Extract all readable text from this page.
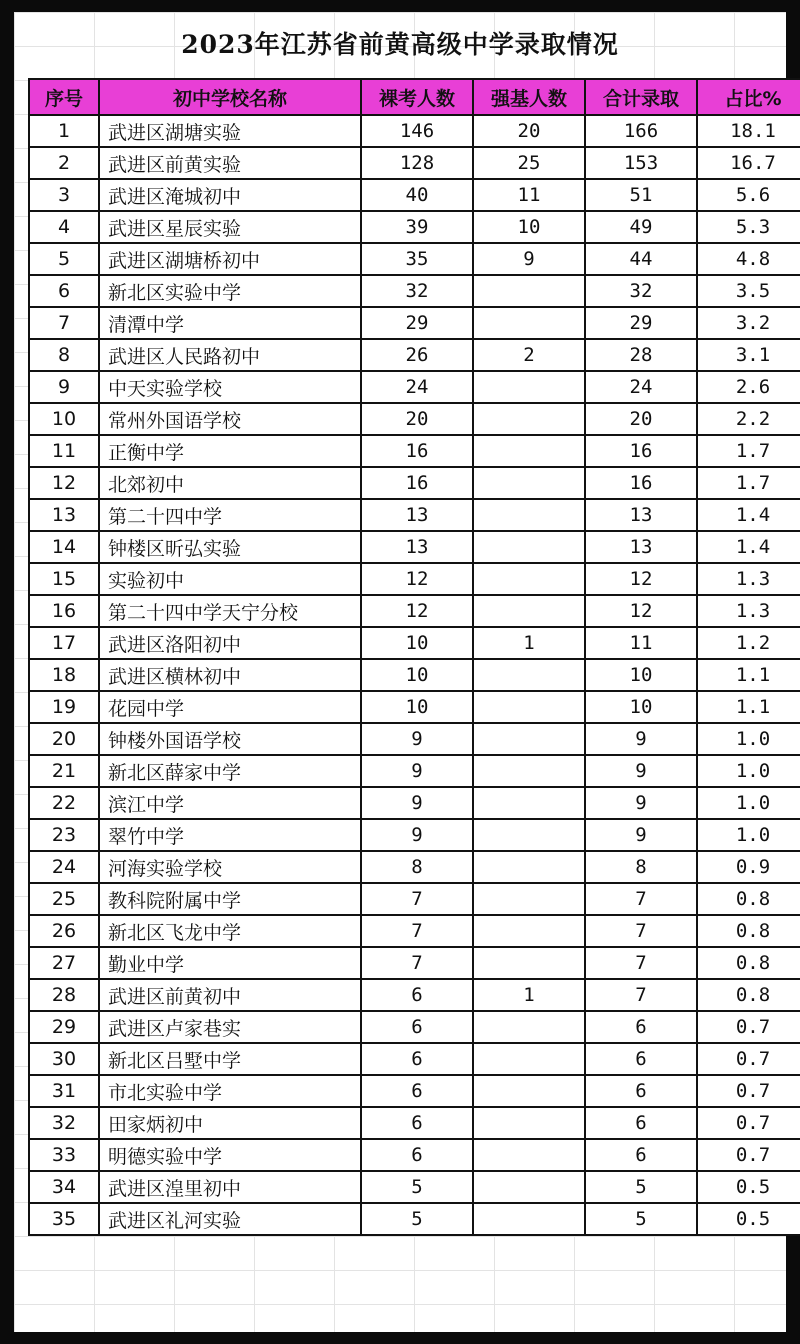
2023年江苏省前黄高级中学录取情况
序号	初中学校名称	裸考人数	强基人数	合计录取	占比%
1	武进区湖塘实验	146	20	166	18.1
2	武进区前黄实验	128	25	153	16.7
3	武进区淹城初中	40	11	51	5.6
4	武进区星辰实验	39	10	49	5.3
5	武进区湖塘桥初中	35	9	44	4.8
6	新北区实验中学	32		32	3.5
7	清潭中学	29		29	3.2
8	武进区人民路初中	26	2	28	3.1
9	中天实验学校	24		24	2.6
10	常州外国语学校	20		20	2.2
11	正衡中学	16		16	1.7
12	北郊初中	16		16	1.7
13	第二十四中学	13		13	1.4
14	钟楼区昕弘实验	13		13	1.4
15	实验初中	12		12	1.3
16	第二十四中学天宁分校	12		12	1.3
17	武进区洛阳初中	10	1	11	1.2
18	武进区横林初中	10		10	1.1
19	花园中学	10		10	1.1
20	钟楼外国语学校	9		9	1.0
21	新北区薛家中学	9		9	1.0
22	滨江中学	9		9	1.0
23	翠竹中学	9		9	1.0
24	河海实验学校	8		8	0.9
25	教科院附属中学	7		7	0.8
26	新北区飞龙中学	7		7	0.8
27	勤业中学	7		7	0.8
28	武进区前黄初中	6	1	7	0.8
29	武进区卢家巷实	6		6	0.7
30	新北区吕墅中学	6		6	0.7
31	市北实验中学	6		6	0.7
32	田家炳初中	6		6	0.7
33	明德实验中学	6		6	0.7
34	武进区湟里初中	5		5	0.5
35	武进区礼河实验	5		5	0.5
